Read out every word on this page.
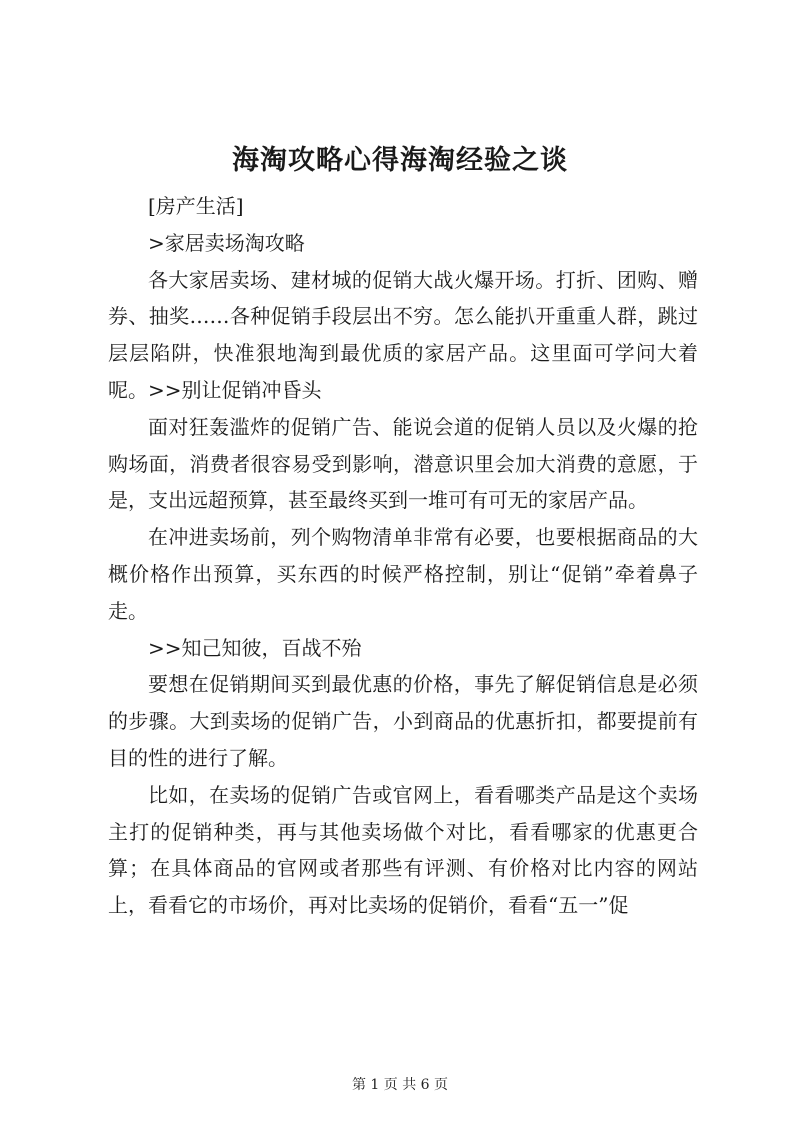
海淘攻略心得海淘经验之谈

[房产生活]

>家居卖场淘攻略

各大家居卖场、建材城的促销大战火爆开场。打折、团购、赠券、抽奖……各种促销手段层出不穷。怎么能扒开重重人群，跳过层层陷阱，快准狠地淘到最优质的家居产品。这里面可学问大着呢。>>别让促销冲昏头

面对狂轰滥炸的促销广告、能说会道的促销人员以及火爆的抢购场面，消费者很容易受到影响，潜意识里会加大消费的意愿，于是，支出远超预算，甚至最终买到一堆可有可无的家居产品。

在冲进卖场前，列个购物清单非常有必要，也要根据商品的大概价格作出预算，买东西的时候严格控制，别让“促销”牵着鼻子走。

>>知己知彼，百战不殆

要想在促销期间买到最优惠的价格，事先了解促销信息是必须的步骤。大到卖场的促销广告，小到商品的优惠折扣，都要提前有目的性的进行了解。

比如，在卖场的促销广告或官网上，看看哪类产品是这个卖场主打的促销种类，再与其他卖场做个对比，看看哪家的优惠更合算；在具体商品的官网或者那些有评测、有价格对比内容的网站上，看看它的市场价，再对比卖场的促销价，看看“五一”促

第 1 页 共 6 页
